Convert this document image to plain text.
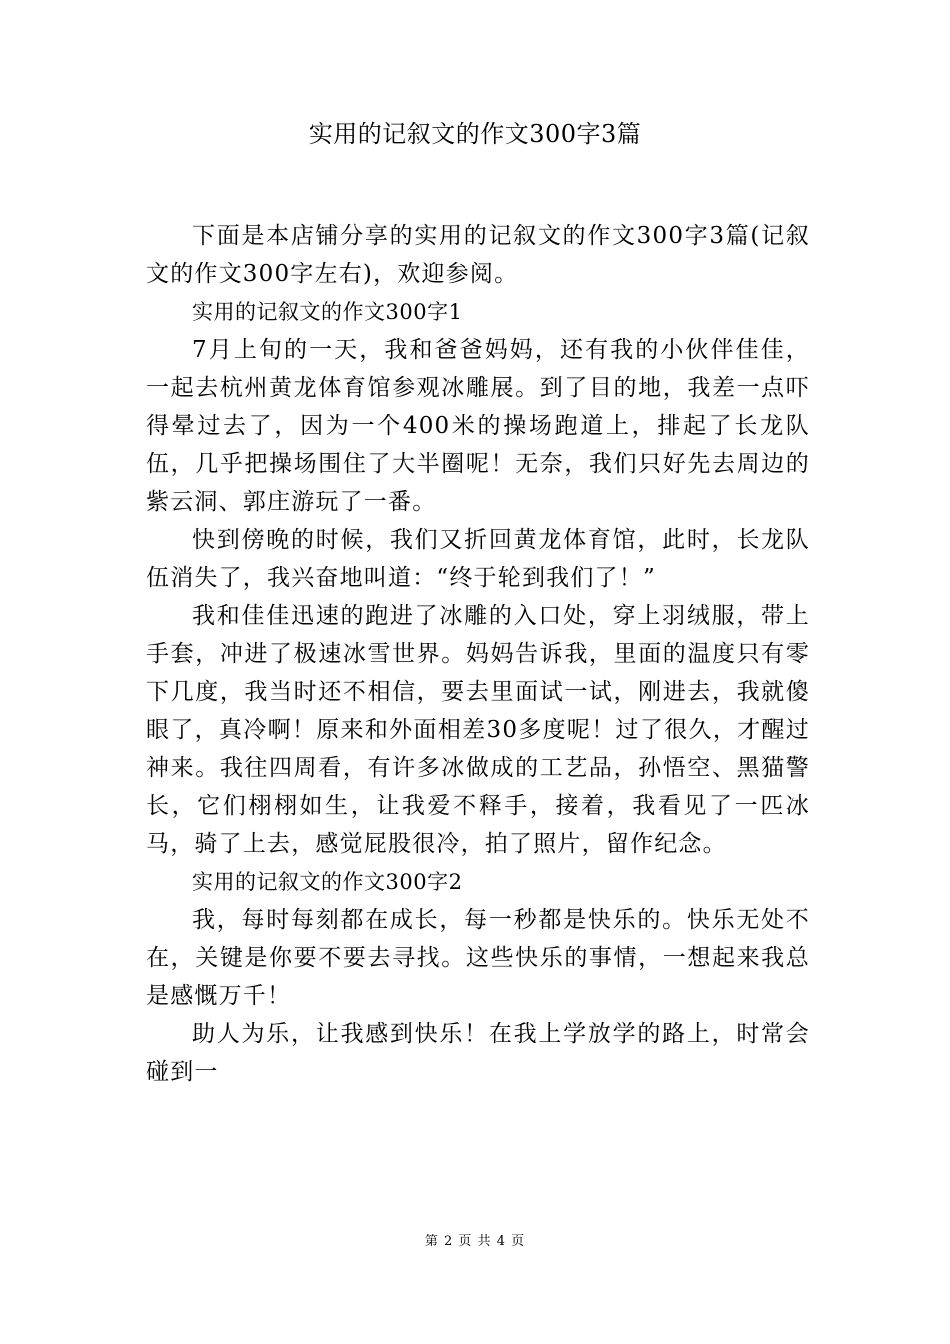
实用的记叙文的作文300字3篇

下面是本店铺分享的实用的记叙文的作文300字3篇(记叙文的作文300字左右)，欢迎参阅。

实用的记叙文的作文300字1

7月上旬的一天，我和爸爸妈妈，还有我的小伙伴佳佳，一起去杭州黄龙体育馆参观冰雕展。到了目的地，我差一点吓得晕过去了，因为一个400米的操场跑道上，排起了长龙队伍，几乎把操场围住了大半圈呢！无奈，我们只好先去周边的紫云洞、郭庄游玩了一番。

快到傍晚的时候，我们又折回黄龙体育馆，此时，长龙队伍消失了，我兴奋地叫道：“终于轮到我们了！”

我和佳佳迅速的跑进了冰雕的入口处，穿上羽绒服，带上手套，冲进了极速冰雪世界。妈妈告诉我，里面的温度只有零下几度，我当时还不相信，要去里面试一试，刚进去，我就傻眼了，真冷啊！原来和外面相差30多度呢！过了很久，才醒过神来。我往四周看，有许多冰做成的工艺品，孙悟空、黑猫警长，它们栩栩如生，让我爱不释手，接着，我看见了一匹冰马，骑了上去，感觉屁股很冷，拍了照片，留作纪念。

实用的记叙文的作文300字2

我，每时每刻都在成长，每一秒都是快乐的。快乐无处不在，关键是你要不要去寻找。这些快乐的事情，一想起来我总是感慨万千！

助人为乐，让我感到快乐！在我上学放学的路上，时常会碰到一

第 2 页 共 4 页
